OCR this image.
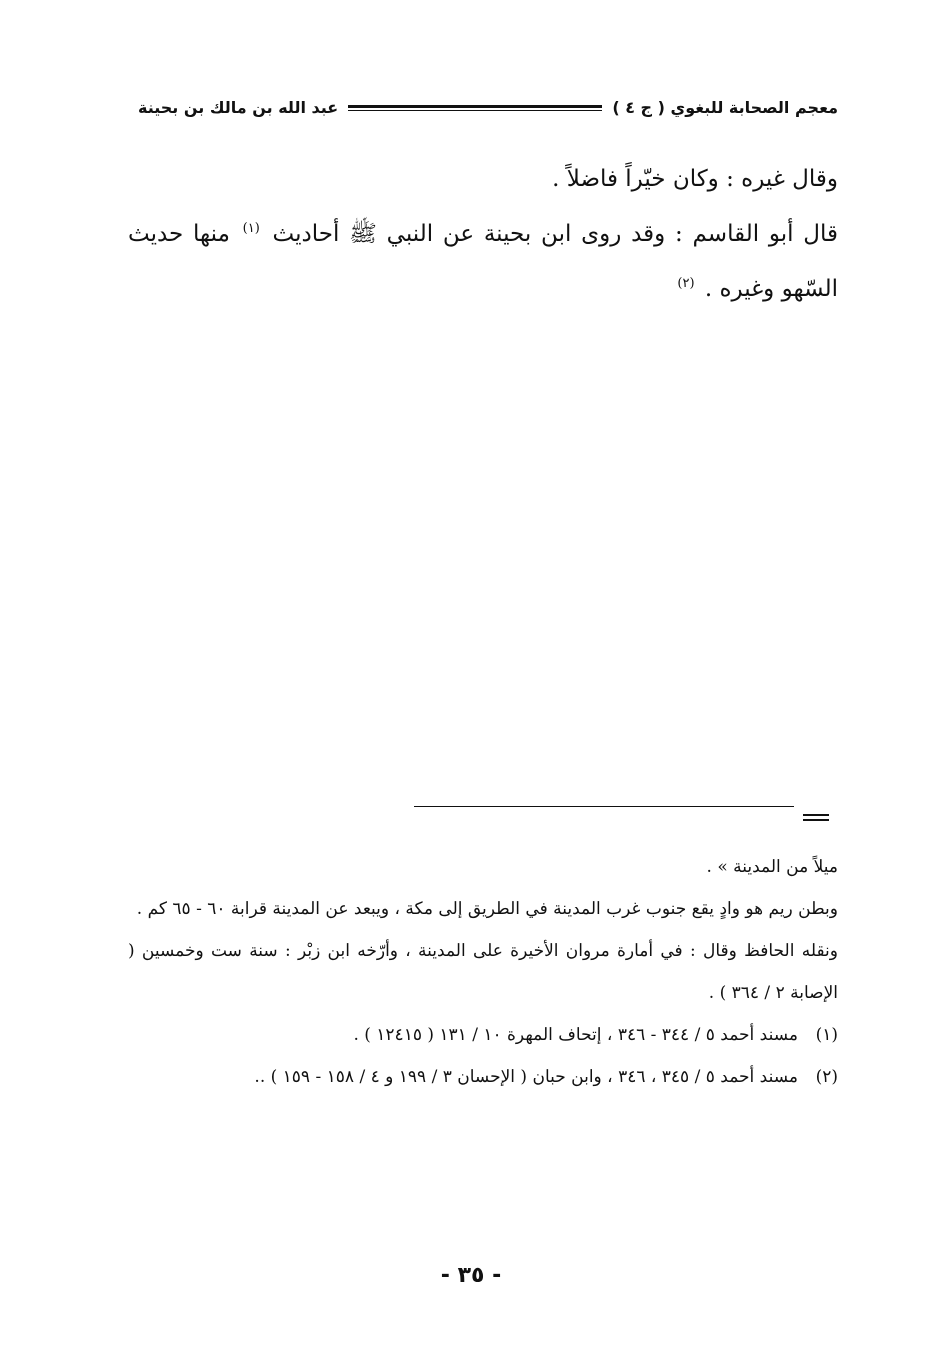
معجم الصحابة للبغوي ( ج ٤ )
عبد الله بن مالك بن بحينة

وقال غيره : وكان خيّراً فاضلاً .

قال أبو القاسم : وقد روى ابن بحينة عن النبي ﷺ أحاديث $^{(١)}$ منها حديث السّهو وغيره . $^{(٢)}$

ميلاً من المدينة » .

وبطن ريم هو وادٍ يقع جنوب غرب المدينة في الطريق إلى مكة ، ويبعد عن المدينة قرابة ٦٠ - ٦٥ كم .

ونقله الحافظ وقال : في أمارة مروان الأخيرة على المدينة ، وأرّخه ابن زبْر : سنة ست وخمسين ( الإصابة ٢ / ٣٦٤ ) .

(١)
مسند أحمد ٥ / ٣٤٤ - ٣٤٦ ، إتحاف المهرة ١٠ / ١٣١ ( ١٢٤١٥ ) .
(٢)
مسند أحمد ٥ / ٣٤٥ ، ٣٤٦ ، وابن حبان ( الإحسان ٣ / ١٩٩ و ٤ / ١٥٨ - ١٥٩ ) ..
- ٣٥ -
